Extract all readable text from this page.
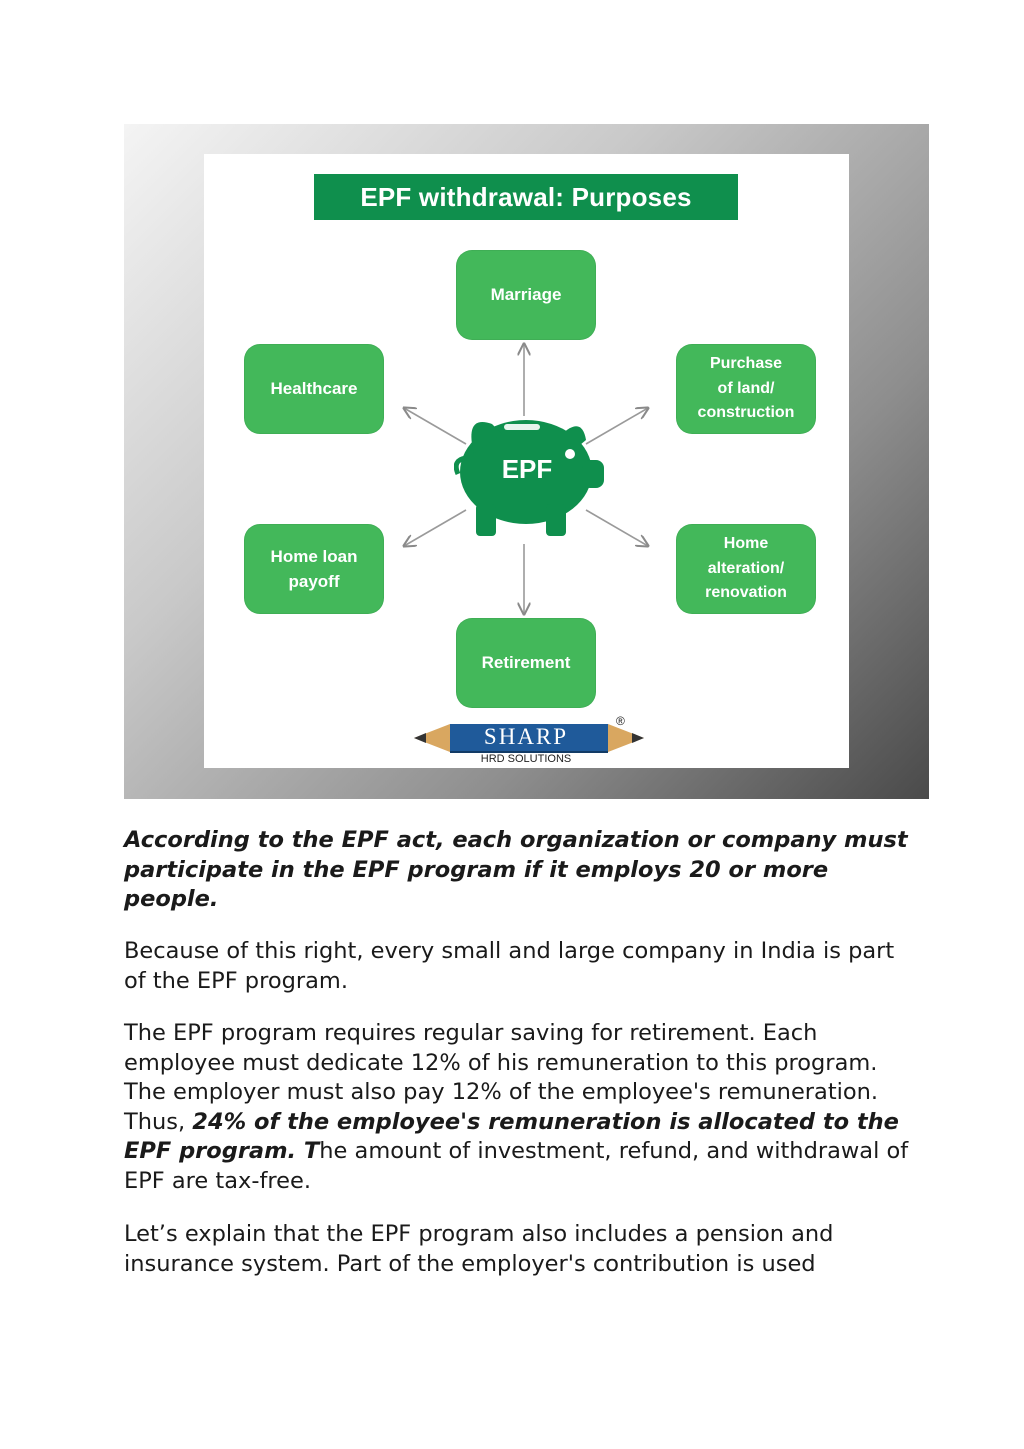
EPF withdrawal: Purposes
Marriage
Healthcare
Purchase
of land/
construction
Home loan
payoff
Home
alteration/
renovation
Retirement
EPF
SHARP
HRD SOLUTIONS
®
According to the EPF act, each organization or company must participate in the EPF program if it employs 20 or more people.
Because of this right, every small and large company in India is part of the EPF program.
The EPF program requires regular saving for retirement. Each employee must dedicate 12% of his remuneration to this program. The employer must also pay 12% of the employee's remuneration. Thus, 24% of the employee's remuneration is allocated to the EPF program. The amount of investment, refund, and withdrawal of EPF are tax-free.
Let’s explain that the EPF program also includes a pension and insurance system. Part of the employer's contribution is used
